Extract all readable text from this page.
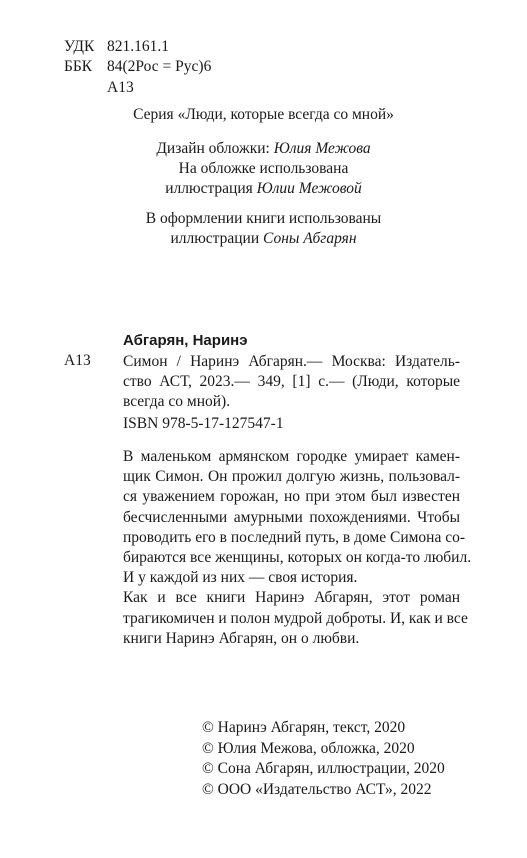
УДК 821.161.1
ББК 84(2Рос = Рус)6
А13
Серия «Люди, которые всегда со мной»
Дизайн обложки: Юлия Межова
На обложке использована
иллюстрация Юлии Межовой
В оформлении книги использованы
иллюстрации Соны Абгарян
Абгарян, Наринэ
А13 Симон / Наринэ Абгарян.— Москва: Издатель-
ство АСТ, 2023.— 349, [1] с.— (Люди, которые
всегда со мной).
ISBN 978-5-17-127547-1
В маленьком армянском городке умирает камен-
щик Симон. Он прожил долгую жизнь, пользовал-
ся уважением горожан, но при этом был известен
бесчисленными амурными похождениями. Чтобы
проводить его в последний путь, в доме Симона со-
бираются все женщины, которых он когда-то любил.
И у каждой из них — своя история.
Как и все книги Наринэ Абгарян, этот роман
трагикомичен и полон мудрой доброты. И, как и все
книги Наринэ Абгарян, он о любви.
© Наринэ Абгарян, текст, 2020
© Юлия Межова, обложка, 2020
© Сона Абгарян, иллюстрации, 2020
© ООО «Издательство АСТ», 2022
